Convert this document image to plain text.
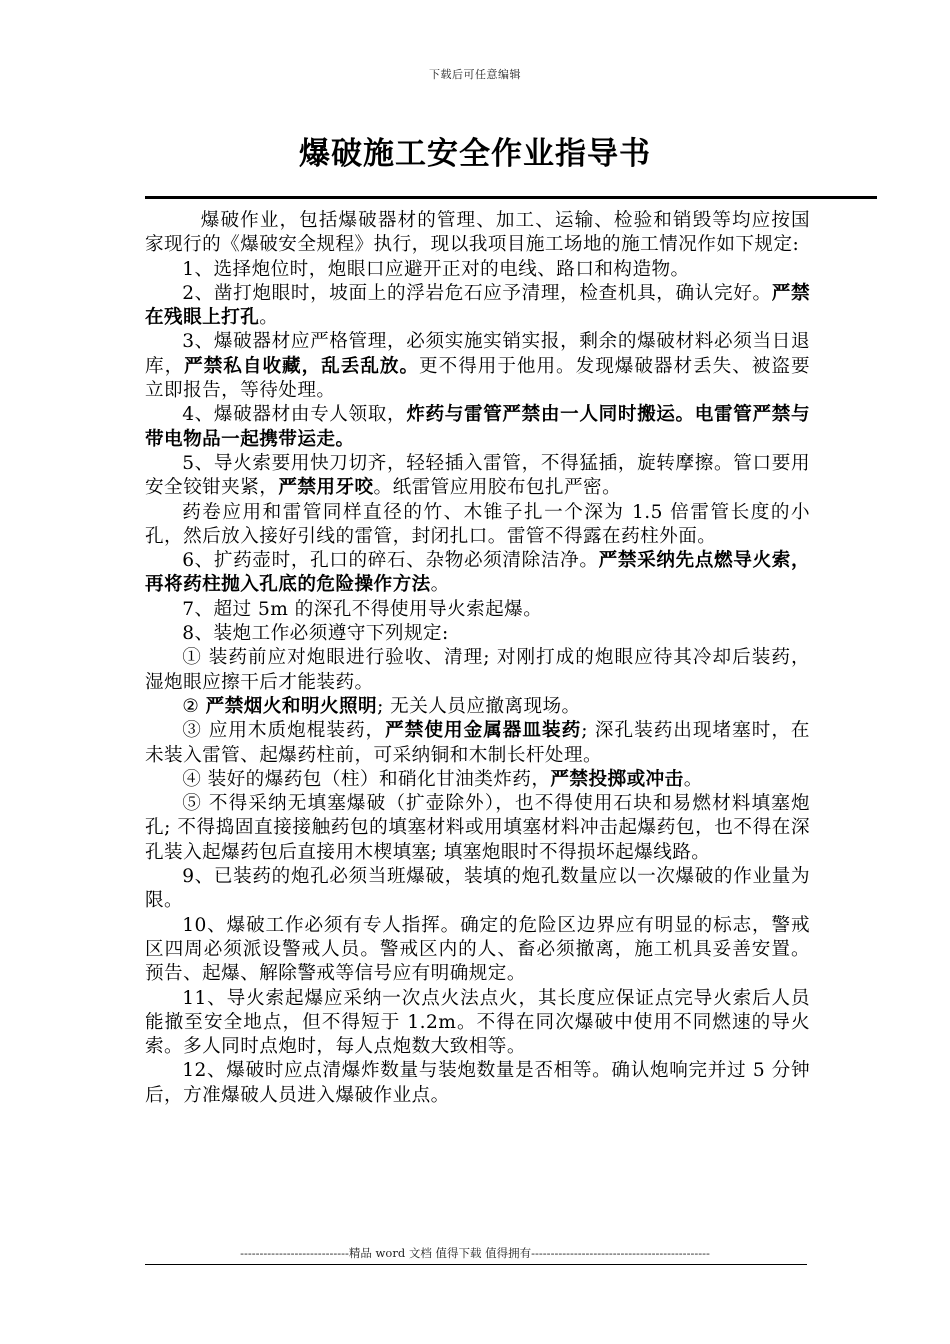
下载后可任意编辑
爆破施工安全作业指导书

爆破作业，包括爆破器材的管理、加工、运输、检验和销毁等均应按国家现行的《爆破安全规程》执行，现以我项目施工场地的施工情况作如下规定:

1、选择炮位时，炮眼口应避开正对的电线、路口和构造物。

2、凿打炮眼时，坡面上的浮岩危石应予清理，检查机具，确认完好。严禁在残眼上打孔。

3、爆破器材应严格管理，必须实施实销实报，剩余的爆破材料必须当日退库，严禁私自收藏，乱丢乱放。更不得用于他用。发现爆破器材丢失、被盗要立即报告，等待处理。

4、爆破器材由专人领取，炸药与雷管严禁由一人同时搬运。电雷管严禁与带电物品一起携带运走。

5、导火索要用快刀切齐，轻轻插入雷管，不得猛插，旋转摩擦。管口要用安全铰钳夹紧，严禁用牙咬。纸雷管应用胶布包扎严密。

药卷应用和雷管同样直径的竹、木锥子扎一个深为 1.5 倍雷管长度的小孔，然后放入接好引线的雷管，封闭扎口。雷管不得露在药柱外面。

6、扩药壶时，孔口的碎石、杂物必须清除洁净。严禁采纳先点燃导火索，再将药柱抛入孔底的危险操作方法。

7、超过 5m 的深孔不得使用导火索起爆。

8、装炮工作必须遵守下列规定:

① 装药前应对炮眼进行验收、清理; 对刚打成的炮眼应待其冷却后装药，湿炮眼应擦干后才能装药。

② 严禁烟火和明火照明; 无关人员应撤离现场。

③ 应用木质炮棍装药，严禁使用金属器皿装药; 深孔装药出现堵塞时，在未装入雷管、起爆药柱前，可采纳铜和木制长杆处理。

④ 装好的爆药包（柱）和硝化甘油类炸药，严禁投掷或冲击。

⑤ 不得采纳无填塞爆破（扩壶除外），也不得使用石块和易燃材料填塞炮孔; 不得捣固直接接触药包的填塞材料或用填塞材料冲击起爆药包，也不得在深孔装入起爆药包后直接用木楔填塞; 填塞炮眼时不得损坏起爆线路。

9、已装药的炮孔必须当班爆破，装填的炮孔数量应以一次爆破的作业量为限。

10、爆破工作必须有专人指挥。确定的危险区边界应有明显的标志，警戒区四周必须派设警戒人员。警戒区内的人、畜必须撤离，施工机具妥善安置。预告、起爆、解除警戒等信号应有明确规定。

11、导火索起爆应采纳一次点火法点火，其长度应保证点完导火索后人员能撤至安全地点，但不得短于 1.2m。不得在同次爆破中使用不同燃速的导火索。多人同时点炮时，每人点炮数大致相等。

12、爆破时应点清爆炸数量与装炮数量是否相等。确认炮响完并过 5 分钟后，方准爆破人员进入爆破作业点。

----------------------------精品 word 文档 值得下载 值得拥有----------------------------------------------
